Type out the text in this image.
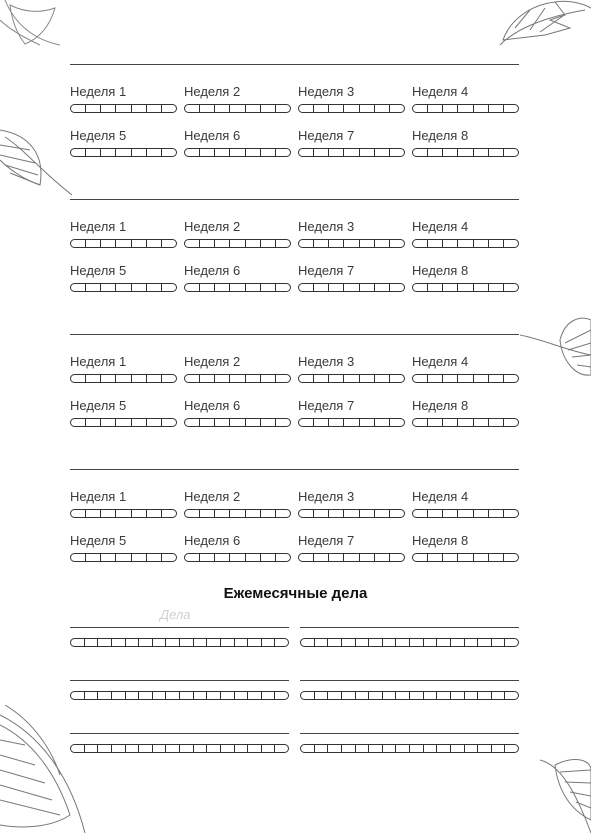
Неделя 1	Неделя 2	Неделя 3	Неделя 4
Неделя 5	Неделя 6	Неделя 7	Неделя 8
Неделя 1	Неделя 2	Неделя 3	Неделя 4
Неделя 5	Неделя 6	Неделя 7	Неделя 8
Неделя 1	Неделя 2	Неделя 3	Неделя 4
Неделя 5	Неделя 6	Неделя 7	Неделя 8
Неделя 1	Неделя 2	Неделя 3	Неделя 4
Неделя 5	Неделя 6	Неделя 7	Неделя 8
Ежемесячные дела
Дела
